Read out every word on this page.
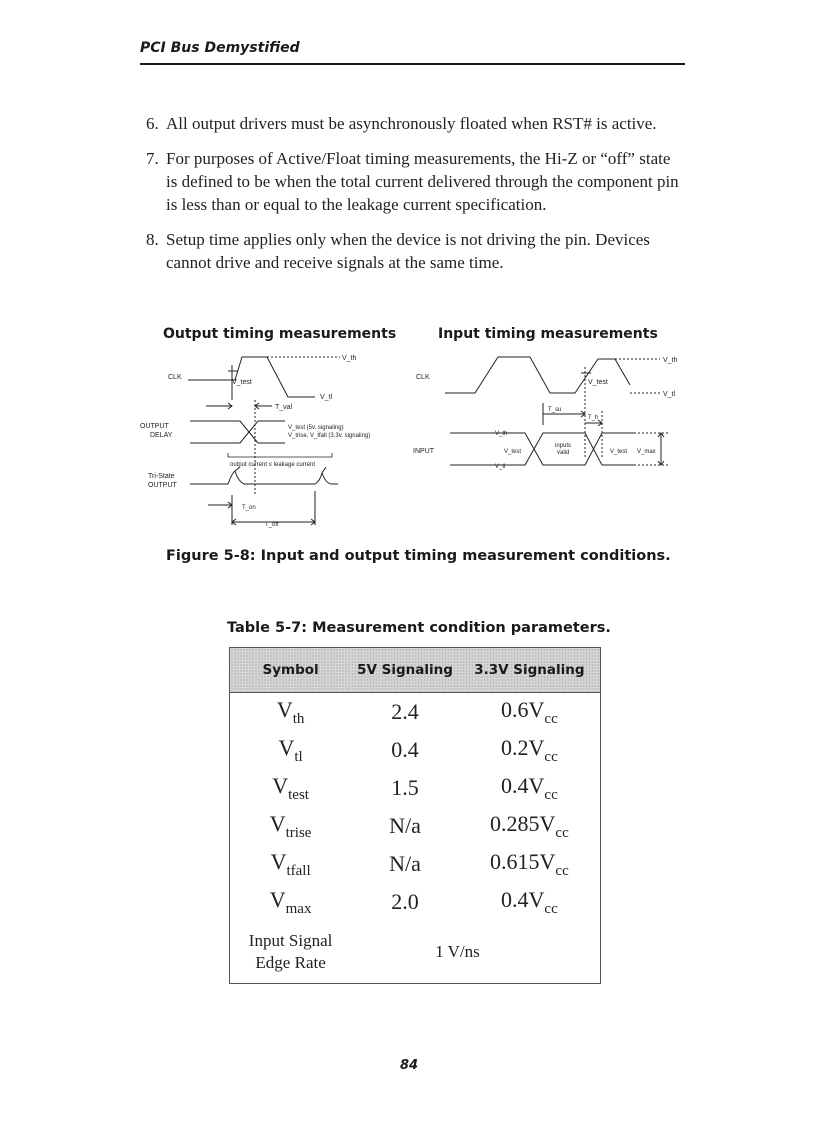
PCI Bus Demystified
6. All output drivers must be asynchronously floated when RST# is active.
7. For purposes of Active/Float timing measurements, the Hi-Z or “off” state is defined to be when the total current delivered through the component pin is less than or equal to the leakage current specification.
8. Setup time applies only when the device is not driving the pin. Devices cannot drive and receive signals at the same time.
Output timing measurements	Input timing measurements
CLK
V_th
V_tl
V_test
T_val
OUTPUT
DELAY
V_test (5v. signaling)
V_trise, V_tfall (3.3v. signaling)
output current ≤ leakage current
Tri-State
OUTPUT
T_on
T_off
CLK
V_th
V_tl
V_test
T_su
T_h
INPUT
V_th
V_tl
V_test
inputs
valid	V_test V_max
Figure 5-8: Input and output timing measurement conditions.
Table 5-7: Measurement condition parameters.
Symbol	5V Signaling	3.3V Signaling
$V_{th}$	2.4	$0.6V_{cc}$
$V_{tl}$	0.4	$0.2V_{cc}$
$V_{test}$	1.5	$0.4V_{cc}$
$V_{trise}$	N/a	$0.285V_{cc}$
$V_{tfall}$	N/a	$0.615V_{cc}$
$V_{max}$	2.0	$0.4V_{cc}$

Input Signal
Edge Rate	1 V/ns	
84
